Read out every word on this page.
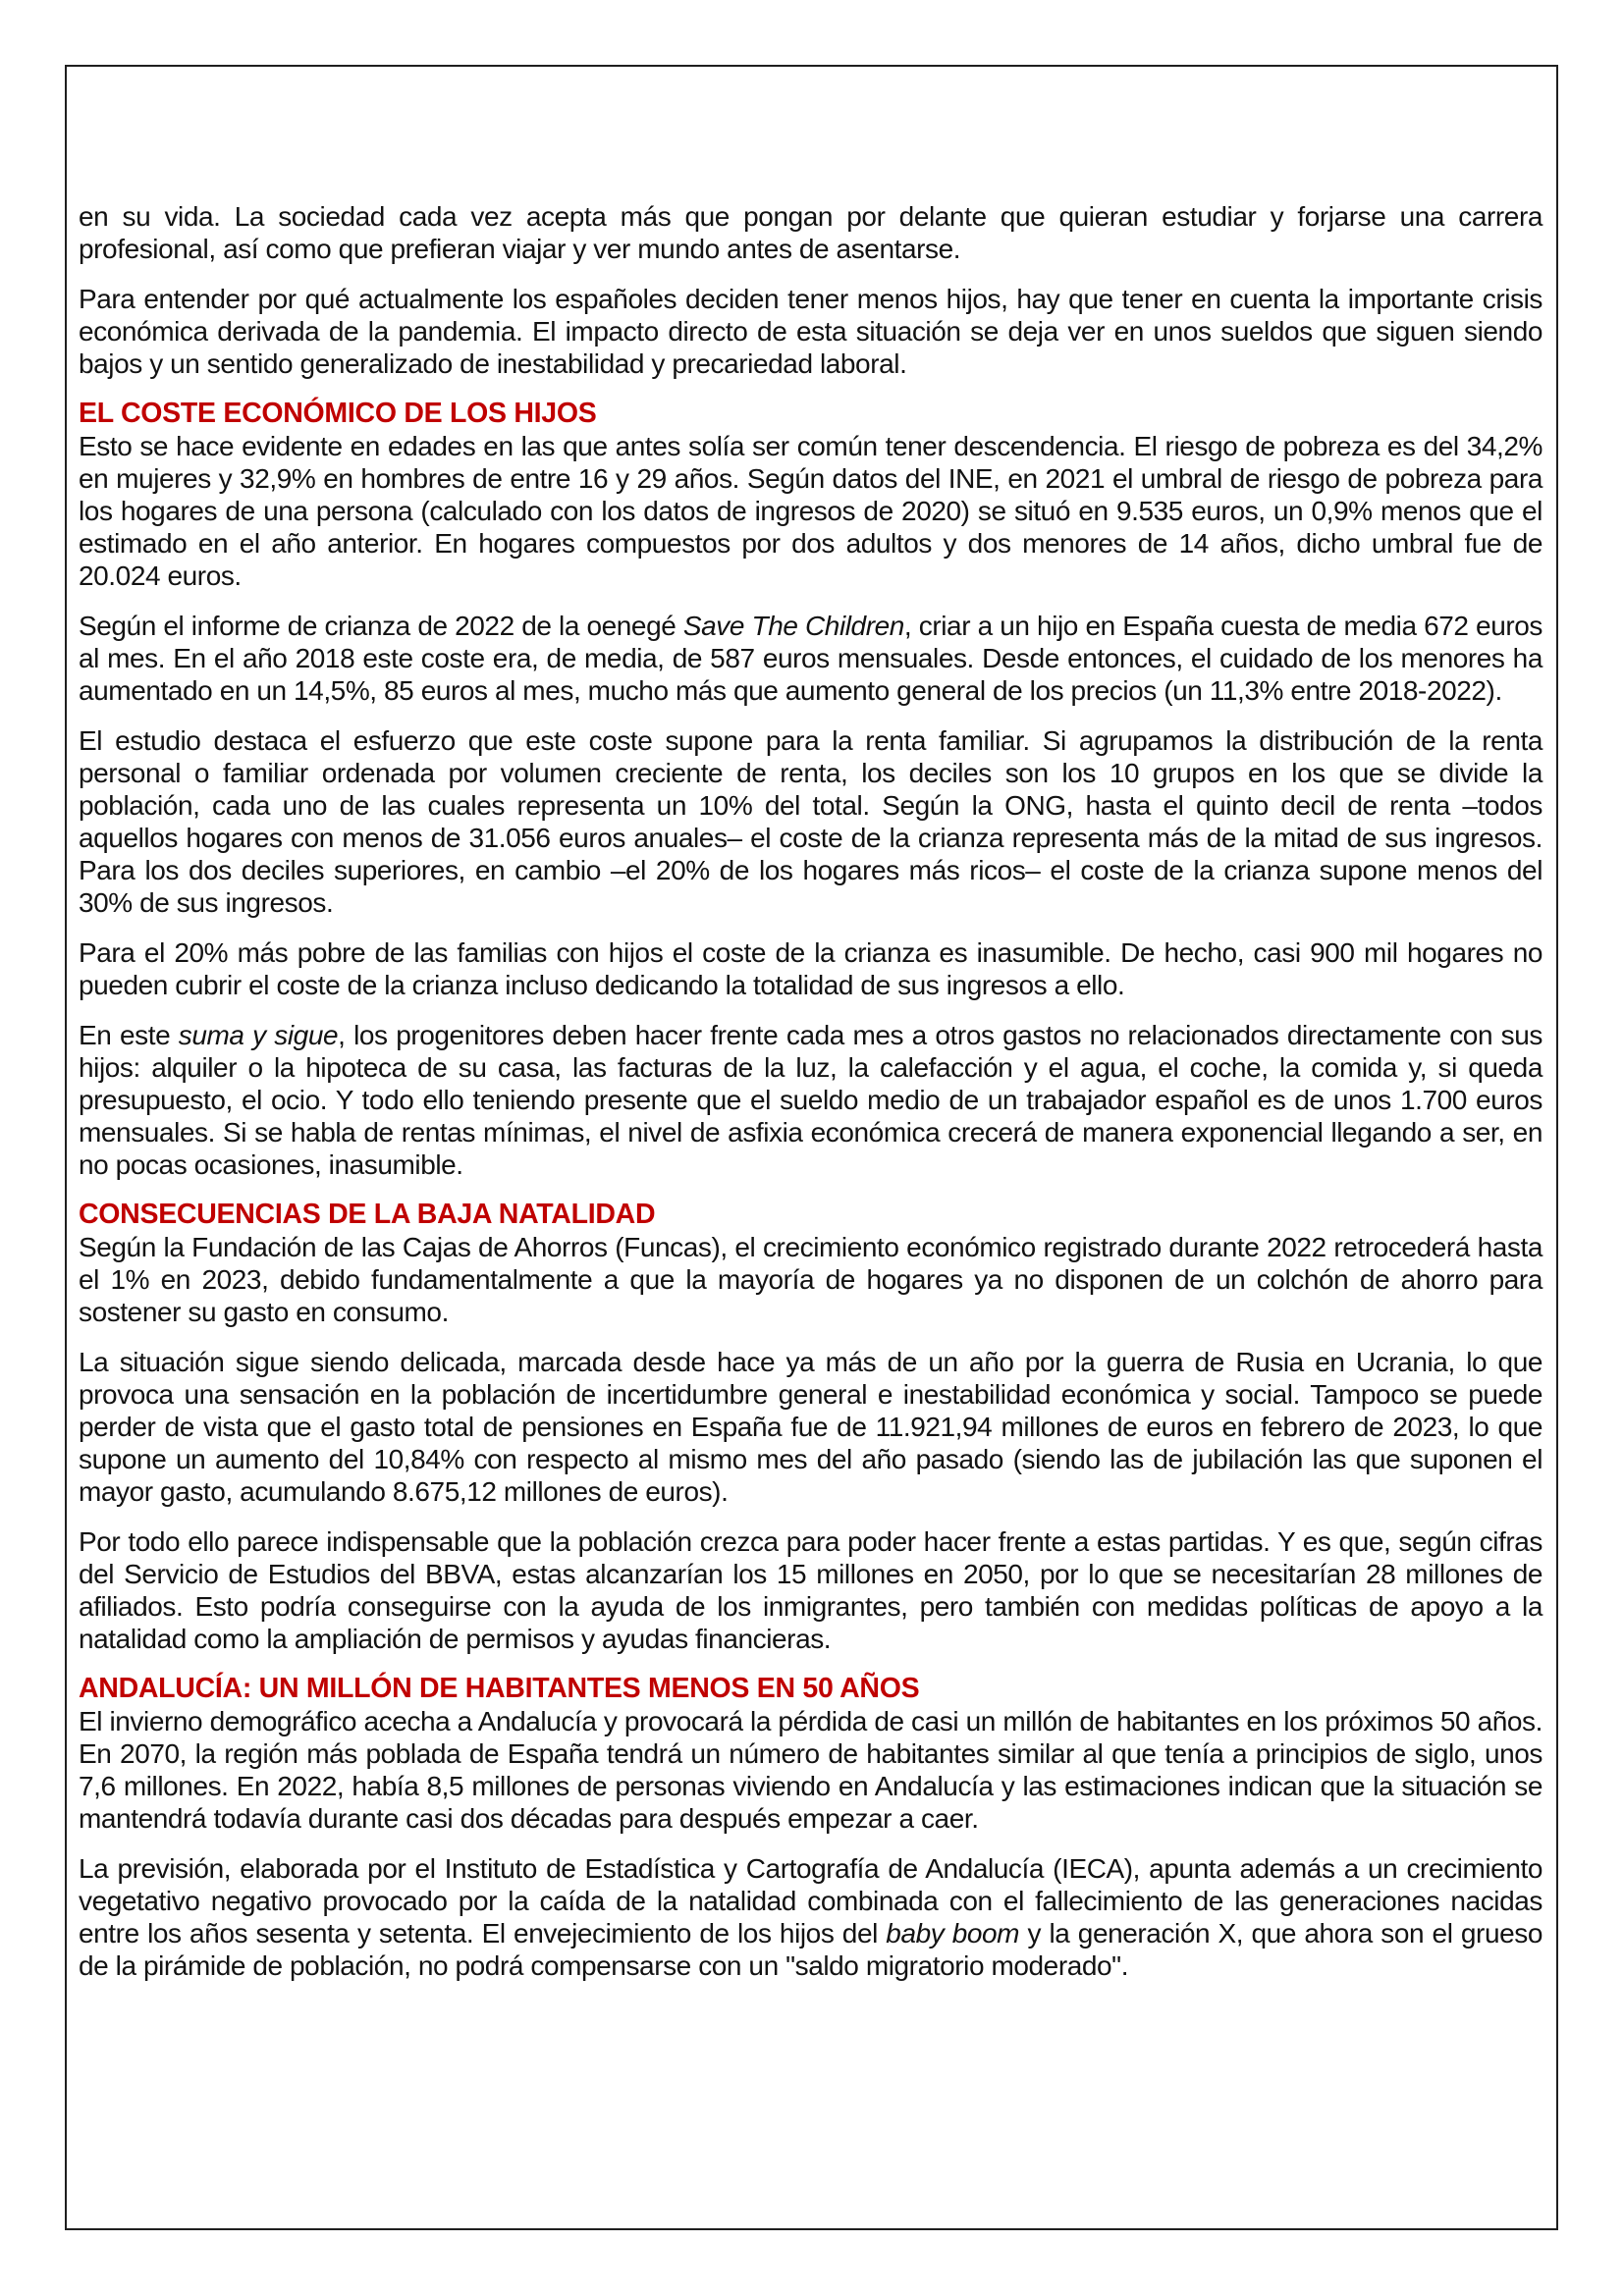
en su vida. La sociedad cada vez acepta más que pongan por delante que quieran estudiar y forjarse una carrera profesional, así como que prefieran viajar y ver mundo antes de asentarse.

Para entender por qué actualmente los españoles deciden tener menos hijos, hay que tener en cuenta la importante crisis económica derivada de la pandemia. El impacto directo de esta situación se deja ver en unos sueldos que siguen siendo bajos y un sentido generalizado de inestabilidad y precariedad laboral.

EL COSTE ECONÓMICO DE LOS HIJOS

Esto se hace evidente en edades en las que antes solía ser común tener descendencia. El riesgo de pobreza es del 34,2% en mujeres y 32,9% en hombres de entre 16 y 29 años. Según datos del INE, en 2021 el umbral de riesgo de pobreza para los hogares de una persona (calculado con los datos de ingresos de 2020) se situó en 9.535 euros, un 0,9% menos que el estimado en el año anterior. En hogares compuestos por dos adultos y dos menores de 14 años, dicho umbral fue de 20.024 euros.

Según el informe de crianza de 2022 de la oenegé Save The Children, criar a un hijo en España cuesta de media 672 euros al mes. En el año 2018 este coste era, de media, de 587 euros mensuales. Desde entonces, el cuidado de los menores ha aumentado en un 14,5%, 85 euros al mes, mucho más que aumento general de los precios (un 11,3% entre 2018-2022).

El estudio destaca el esfuerzo que este coste supone para la renta familiar. Si agrupamos la distribución de la renta personal o familiar ordenada por volumen creciente de renta, los deciles son los 10 grupos en los que se divide la población, cada uno de las cuales representa un 10% del total. Según la ONG, hasta el quinto decil de renta –todos aquellos hogares con menos de 31.056 euros anuales– el coste de la crianza representa más de la mitad de sus ingresos. Para los dos deciles superiores, en cambio –el 20% de los hogares más ricos– el coste de la crianza supone menos del 30% de sus ingresos.

Para el 20% más pobre de las familias con hijos el coste de la crianza es inasumible. De hecho, casi 900 mil hogares no pueden cubrir el coste de la crianza incluso dedicando la totalidad de sus ingresos a ello.

En este suma y sigue, los progenitores deben hacer frente cada mes a otros gastos no relacionados directamente con sus hijos: alquiler o la hipoteca de su casa, las facturas de la luz, la calefacción y el agua, el coche, la comida y, si queda presupuesto, el ocio. Y todo ello teniendo presente que el sueldo medio de un trabajador español es de unos 1.700 euros mensuales. Si se habla de rentas mínimas, el nivel de asfixia económica crecerá de manera exponencial llegando a ser, en no pocas ocasiones, inasumible.

CONSECUENCIAS DE LA BAJA NATALIDAD

Según la Fundación de las Cajas de Ahorros (Funcas), el crecimiento económico registrado durante 2022 retrocederá hasta el 1% en 2023, debido fundamentalmente a que la mayoría de hogares ya no disponen de un colchón de ahorro para sostener su gasto en consumo.

La situación sigue siendo delicada, marcada desde hace ya más de un año por la guerra de Rusia en Ucrania, lo que provoca una sensación en la población de incertidumbre general e inestabilidad económica y social. Tampoco se puede perder de vista que el gasto total de pensiones en España fue de 11.921,94 millones de euros en febrero de 2023, lo que supone un aumento del 10,84% con respecto al mismo mes del año pasado (siendo las de jubilación las que suponen el mayor gasto, acumulando 8.675,12 millones de euros).

Por todo ello parece indispensable que la población crezca para poder hacer frente a estas partidas. Y es que, según cifras del Servicio de Estudios del BBVA, estas alcanzarían los 15 millones en 2050, por lo que se necesitarían 28 millones de afiliados. Esto podría conseguirse con la ayuda de los inmigrantes, pero también con medidas políticas de apoyo a la natalidad como la ampliación de permisos y ayudas financieras.

ANDALUCÍA: UN MILLÓN DE HABITANTES MENOS EN 50 AÑOS

El invierno demográfico acecha a Andalucía y provocará la pérdida de casi un millón de habitantes en los próximos 50 años. En 2070, la región más poblada de España tendrá un número de habitantes similar al que tenía a principios de siglo, unos 7,6 millones. En 2022, había 8,5 millones de personas viviendo en Andalucía y las estimaciones indican que la situación se mantendrá todavía durante casi dos décadas para después empezar a caer.

La previsión, elaborada por el Instituto de Estadística y Cartografía de Andalucía (IECA), apunta además a un crecimiento vegetativo negativo provocado por la caída de la natalidad combinada con el fallecimiento de las generaciones nacidas entre los años sesenta y setenta. El envejecimiento de los hijos del baby boom y la generación X, que ahora son el grueso de la pirámide de población, no podrá compensarse con un "saldo migratorio moderado".
